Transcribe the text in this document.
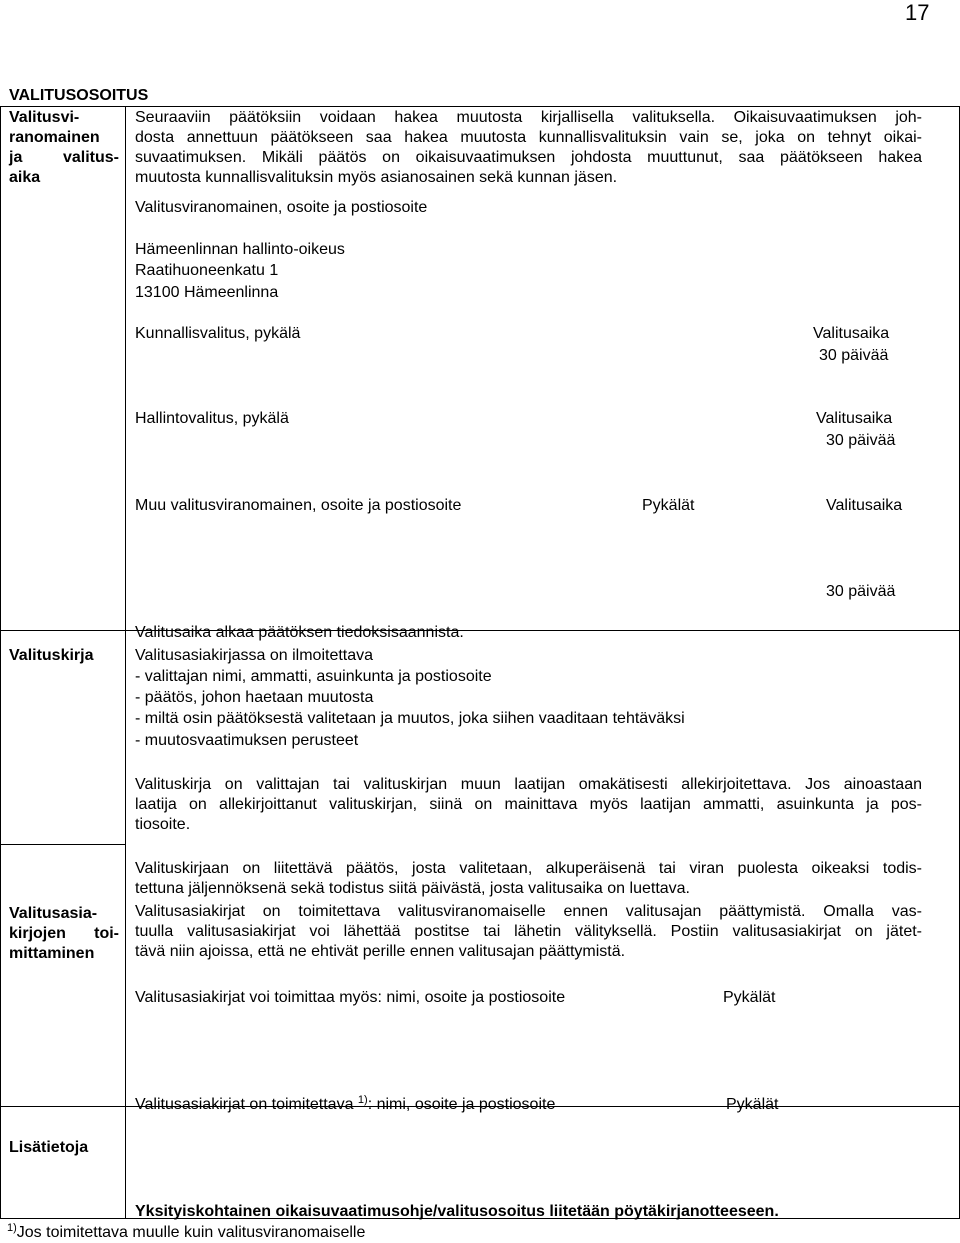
17
VALITUSOSOITUS
Valitusvi-
ranomainen
ja valitus-
aika
Seuraaviin päätöksiin voidaan hakea muutosta kirjallisella valituksella. Oikaisuvaatimuksen joh-
dosta annettuun päätökseen saa hakea muutosta kunnallisvalituksin vain se, joka on tehnyt oikai-
suvaatimuksen. Mikäli päätös on oikaisuvaatimuksen johdosta muuttunut, saa päätökseen hakea
muutosta kunnallisvalituksin myös asianosainen sekä kunnan jäsen.
Valitusviranomainen, osoite ja postiosoite
Hämeenlinnan hallinto-oikeus
Raatihuoneenkatu 1
13100 Hämeenlinna
Kunnallisvalitus, pykälä	Valitusaika
30 päivää
Hallintovalitus, pykälä	Valitusaika
30 päivää
Muu valitusviranomainen, osoite ja postiosoite	Pykälät	Valitusaika
30 päivää
Valituskirja
Valitusaika alkaa päätöksen tiedoksisaannista.
Valitusasiakirjassa on ilmoitettava
- valittajan nimi, ammatti, asuinkunta ja postiosoite
- päätös, johon haetaan muutosta
- miltä osin päätöksestä valitetaan ja muutos, joka siihen vaaditaan tehtäväksi
- muutosvaatimuksen perusteet
Valituskirja on valittajan tai valituskirjan muun laatijan omakätisesti allekirjoitettava. Jos ainoastaan
laatija on allekirjoittanut valituskirjan, siinä on mainittava myös laatijan ammatti, asuinkunta ja pos-
tiosoite.
Valituskirjaan on liitettävä päätös, josta valitetaan, alkuperäisenä tai viran puolesta oikeaksi todis-
tettuna jäljennöksenä sekä todistus siitä päivästä, josta valitusaika on luettava.
Valitusasia-
kirjojen toi-
mittaminen
Valitusasiakirjat on toimitettava valitusviranomaiselle ennen valitusajan päättymistä. Omalla vas-
tuulla valitusasiakirjat voi lähettää postitse tai lähetin välityksellä. Postiin valitusasiakirjat on jätet-
tävä niin ajoissa, että ne ehtivät perille ennen valitusajan päättymistä.
Valitusasiakirjat voi toimittaa myös: nimi, osoite ja postiosoite	Pykälät
Valitusasiakirjat on toimitettava $^{1)}$: nimi, osoite ja postiosoite	Pykälät
Lisätietoja
Yksityiskohtainen oikaisuvaatimusohje/valitusosoitus liitetään pöytäkirjanotteeseen.
$^{1)}$Jos toimitettava muulle kuin valitusviranomaiselle
